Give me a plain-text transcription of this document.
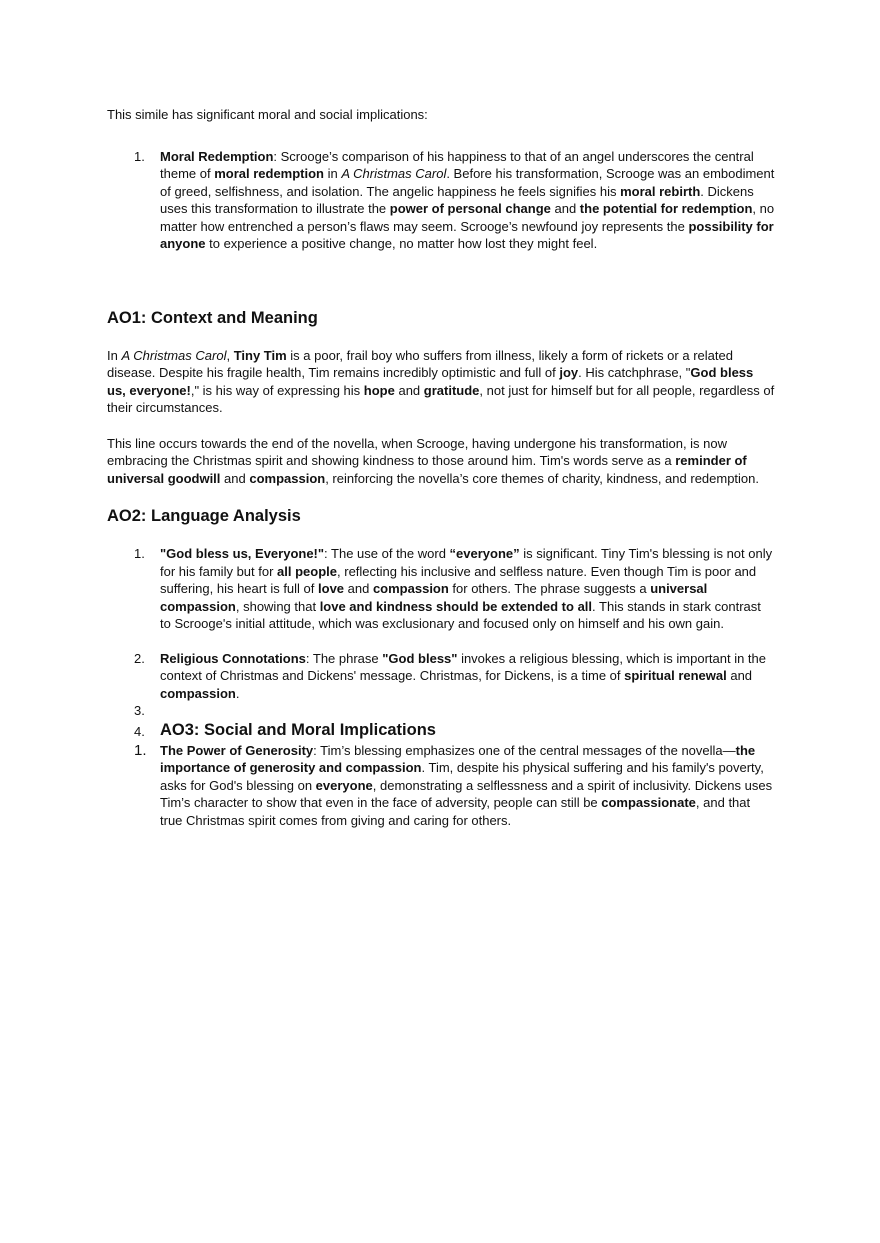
This simile has significant moral and social implications:

1. Moral Redemption: Scrooge’s comparison of his happiness to that of an angel underscores the central theme of moral redemption in A Christmas Carol. Before his transformation, Scrooge was an embodiment of greed, selfishness, and isolation. The angelic happiness he feels signifies his moral rebirth. Dickens uses this transformation to illustrate the power of personal change and the potential for redemption, no matter how entrenched a person’s flaws may seem. Scrooge’s newfound joy represents the possibility for anyone to experience a positive change, no matter how lost they might feel.
AO1: Context and Meaning

In A Christmas Carol, Tiny Tim is a poor, frail boy who suffers from illness, likely a form of rickets or a related disease. Despite his fragile health, Tim remains incredibly optimistic and full of joy. His catchphrase, "God bless us, everyone!," is his way of expressing his hope and gratitude, not just for himself but for all people, regardless of their circumstances.

This line occurs towards the end of the novella, when Scrooge, having undergone his transformation, is now embracing the Christmas spirit and showing kindness to those around him. Tim's words serve as a reminder of universal goodwill and compassion, reinforcing the novella’s core themes of charity, kindness, and redemption.

AO2: Language Analysis
1. "God bless us, Everyone!": The use of the word “everyone” is significant. Tiny Tim's blessing is not only for his family but for all people, reflecting his inclusive and selfless nature. Even though Tim is poor and suffering, his heart is full of love and compassion for others. The phrase suggests a universal compassion, showing that love and kindness should be extended to all. This stands in stark contrast to Scrooge's initial attitude, which was exclusionary and focused only on himself and his own gain.
2. Religious Connotations: The phrase "God bless" invokes a religious blessing, which is important in the context of Christmas and Dickens' message. Christmas, for Dickens, is a time of spiritual renewal and compassion.
3.

4. AO3: Social and Moral Implications
1. The Power of Generosity: Tim’s blessing emphasizes one of the central messages of the novella—the importance of generosity and compassion. Tim, despite his physical suffering and his family's poverty, asks for God's blessing on everyone, demonstrating a selflessness and a spirit of inclusivity. Dickens uses Tim’s character to show that even in the face of adversity, people can still be compassionate, and that true Christmas spirit comes from giving and caring for others.
